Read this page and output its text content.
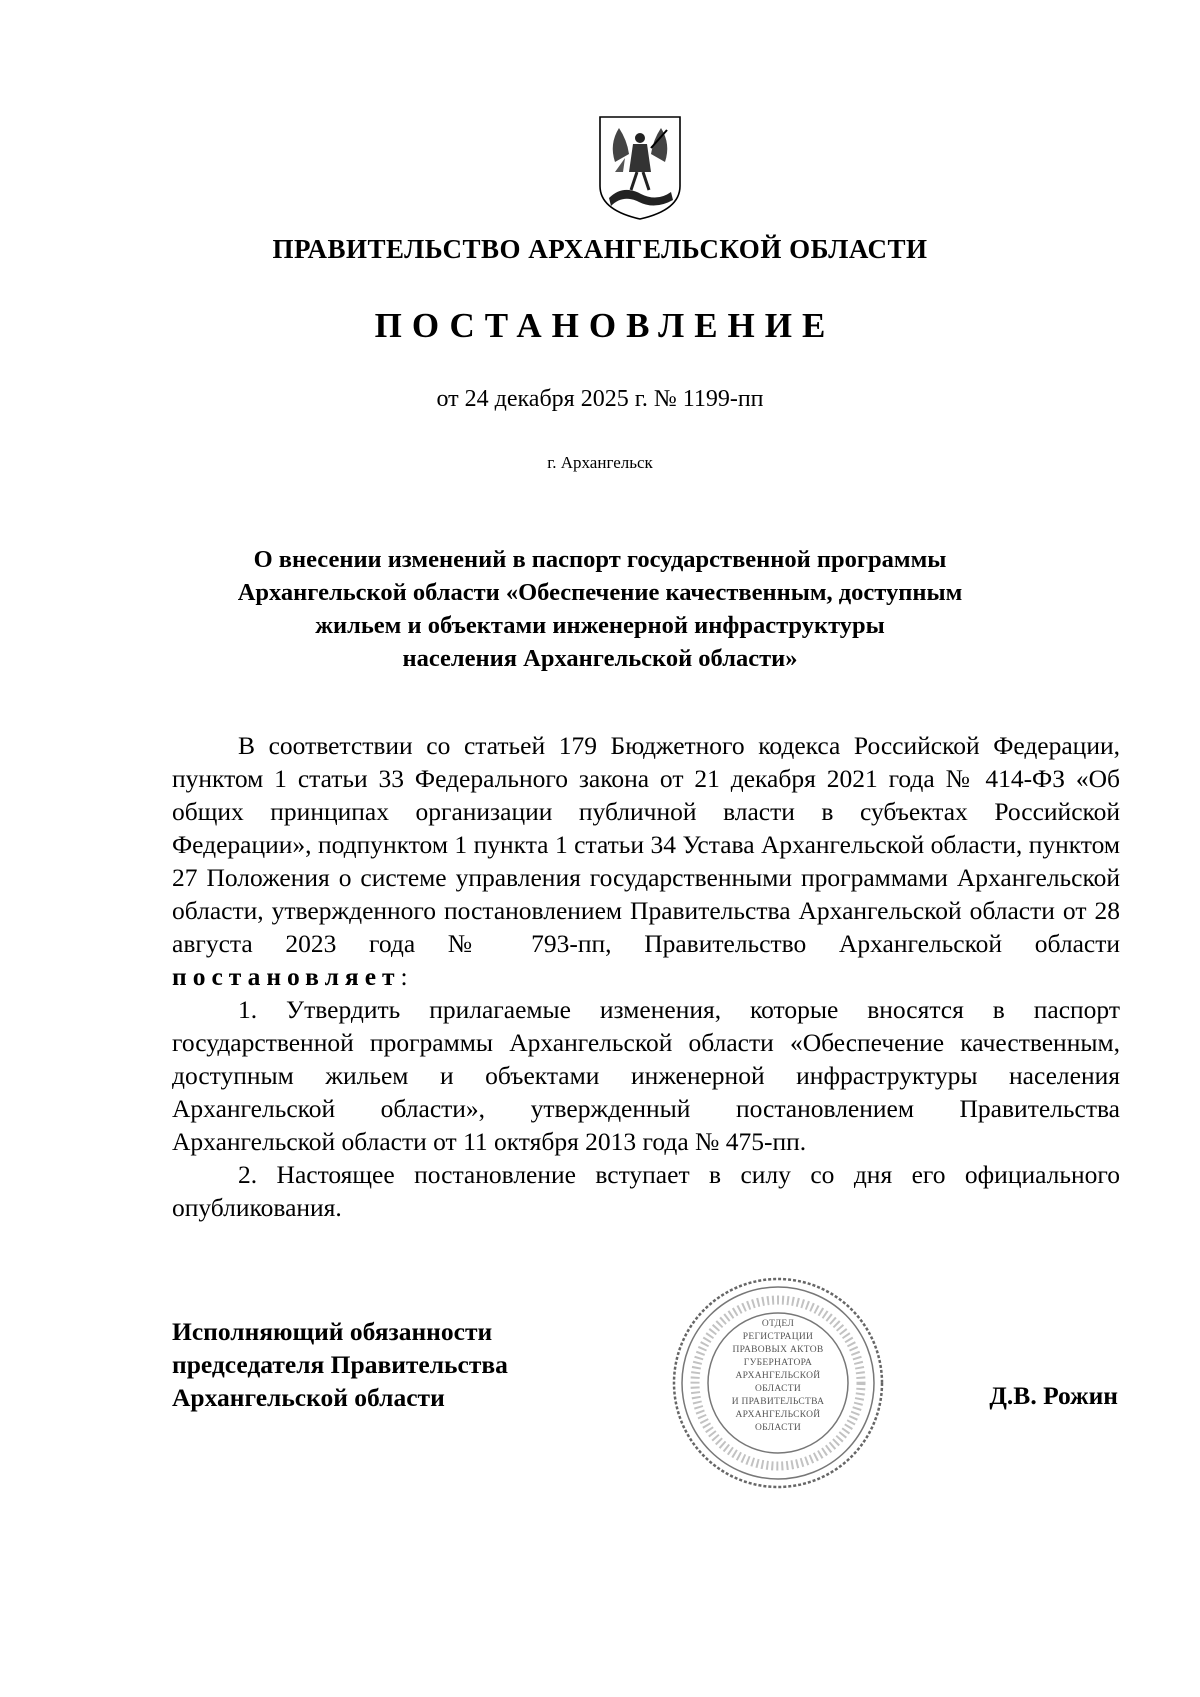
ПРАВИТЕЛЬСТВО АРХАНГЕЛЬСКОЙ ОБЛАСТИ
ПОСТАНОВЛЕНИЕ
от 24 декабря 2025 г. № 1199-пп
г. Архангельск
О внесении изменений в паспорт государственной программы
Архангельской области «Обеспечение качественным, доступным
жильем и объектами инженерной инфраструктуры
населения Архангельской области»

В соответствии со статьей 179 Бюджетного кодекса Российской Федерации, пунктом 1 статьи 33 Федерального закона от 21 декабря 2021 года № 414-ФЗ «Об общих принципах организации публичной власти в субъектах Российской Федерации», подпунктом 1 пункта 1 статьи 34 Устава Архангельской области, пунктом 27 Положения о системе управления государственными программами Архангельской области, утвержденного постановлением Правительства Архангельской области от 28 августа 2023 года № 793-пп, Правительство Архангельской области постановляет:

1. Утвердить прилагаемые изменения, которые вносятся в паспорт государственной программы Архангельской области «Обеспечение качественным, доступным жильем и объектами инженерной инфраструктуры населения Архангельской области», утвержденный постановлением Правительства Архангельской области от 11 октября 2013 года № 475-пп.

2. Настоящее постановление вступает в силу со дня его официального опубликования.

Исполняющий обязанности
председателя Правительства
Архангельской области
ОТДЕЛ
РЕГИСТРАЦИИ
ПРАВОВЫХ АКТОВ
ГУБЕРНАТОРА
АРХАНГЕЛЬСКОЙ
ОБЛАСТИ
И ПРАВИТЕЛЬСТВА
АРХАНГЕЛЬСКОЙ
ОБЛАСТИ
Д.В. Рожин
